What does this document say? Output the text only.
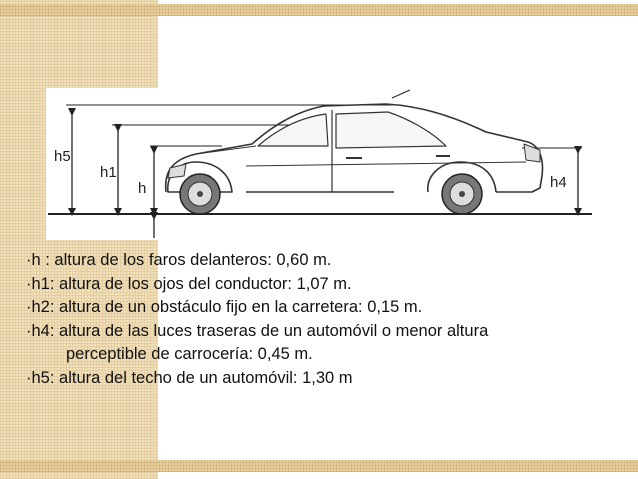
h5
h1
h	h4
·h : altura de los faros delanteros: 0,60 m.
·h1: altura de los ojos del conductor: 1,07 m.
·h2: altura de un obstáculo fijo en la carretera: 0,15 m.
·h4: altura de las luces traseras de un automóvil o menor altura
perceptible de carrocería: 0,45 m.
·h5: altura del techo de un automóvil: 1,30 m
